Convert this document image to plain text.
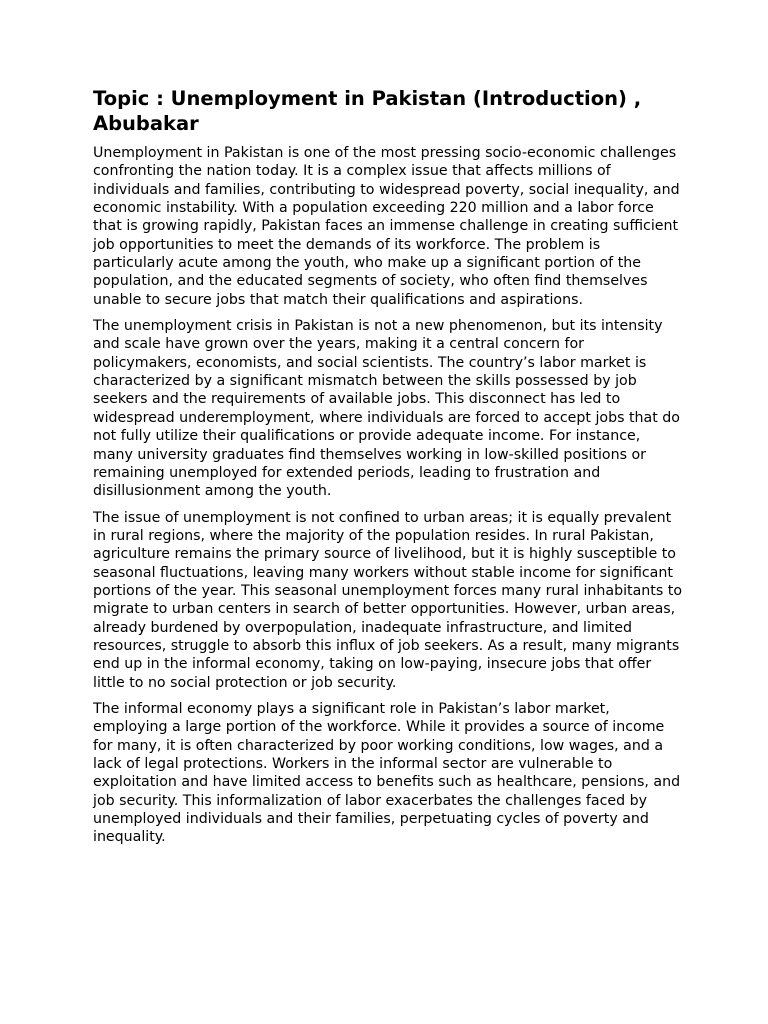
Topic : Unemployment in Pakistan (Introduction) , Abubakar

Unemployment in Pakistan is one of the most pressing socio-economic challenges confronting the nation today. It is a complex issue that affects millions of individuals and families, contributing to widespread poverty, social inequality, and economic instability. With a population exceeding 220 million and a labor force that is growing rapidly, Pakistan faces an immense challenge in creating sufficient job opportunities to meet the demands of its workforce. The problem is particularly acute among the youth, who make up a significant portion of the population, and the educated segments of society, who often find themselves unable to secure jobs that match their qualifications and aspirations.

The unemployment crisis in Pakistan is not a new phenomenon, but its intensity and scale have grown over the years, making it a central concern for policymakers, economists, and social scientists. The country’s labor market is characterized by a significant mismatch between the skills possessed by job seekers and the requirements of available jobs. This disconnect has led to widespread underemployment, where individuals are forced to accept jobs that do not fully utilize their qualifications or provide adequate income. For instance, many university graduates find themselves working in low-skilled positions or remaining unemployed for extended periods, leading to frustration and disillusionment among the youth.

The issue of unemployment is not confined to urban areas; it is equally prevalent in rural regions, where the majority of the population resides. In rural Pakistan, agriculture remains the primary source of livelihood, but it is highly susceptible to seasonal fluctuations, leaving many workers without stable income for significant portions of the year. This seasonal unemployment forces many rural inhabitants to migrate to urban centers in search of better opportunities. However, urban areas, already burdened by overpopulation, inadequate infrastructure, and limited resources, struggle to absorb this influx of job seekers. As a result, many migrants end up in the informal economy, taking on low-paying, insecure jobs that offer little to no social protection or job security.

The informal economy plays a significant role in Pakistan’s labor market, employing a large portion of the workforce. While it provides a source of income for many, it is often characterized by poor working conditions, low wages, and a lack of legal protections. Workers in the informal sector are vulnerable to exploitation and have limited access to benefits such as healthcare, pensions, and job security. This informalization of labor exacerbates the challenges faced by unemployed individuals and their families, perpetuating cycles of poverty and inequality.
